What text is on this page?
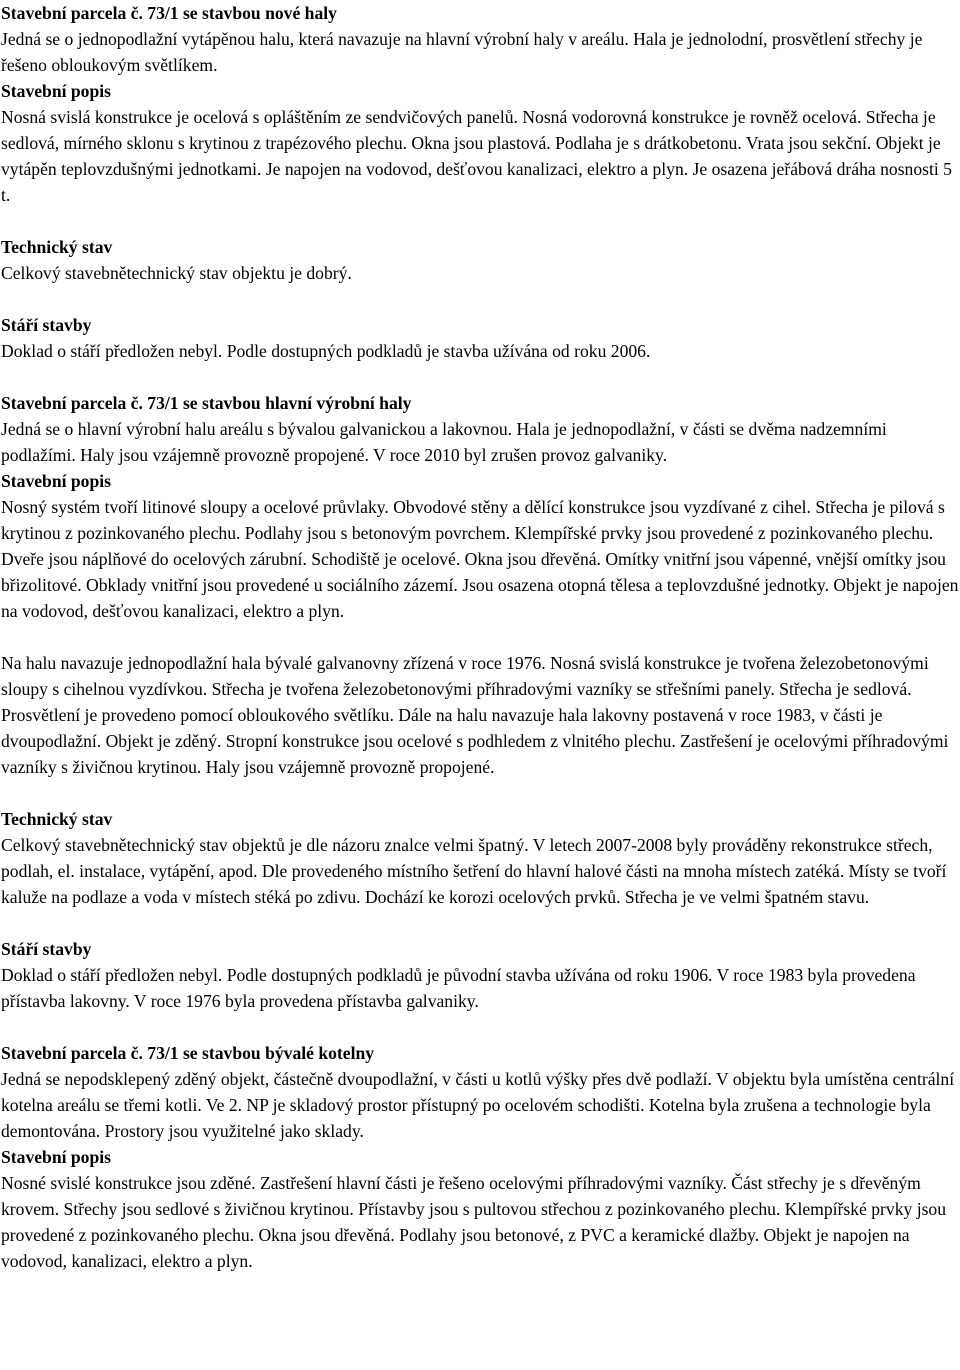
Stavební parcela č. 73/1 se stavbou nové haly

Jedná se o jednopodlažní vytápěnou halu, která navazuje na hlavní výrobní haly v areálu. Hala je jednolodní, prosvětlení střechy je řešeno obloukovým světlíkem.

Stavební popis

Nosná svislá konstrukce je ocelová s opláštěním ze sendvičových panelů. Nosná vodorovná konstrukce je rovněž ocelová. Střecha je sedlová, mírného sklonu s krytinou z trapézového plechu. Okna jsou plastová. Podlaha je s drátkobetonu. Vrata jsou sekční. Objekt je vytápěn teplovzdušnými jednotkami. Je napojen na vodovod, dešťovou kanalizaci, elektro a plyn. Je osazena jeřábová dráha nosnosti 5 t.

Technický stav

Celkový stavebnětechnický stav objektu je dobrý.

Stáří stavby

Doklad o stáří předložen nebyl. Podle dostupných podkladů je stavba užívána od roku 2006.

Stavební parcela č. 73/1 se stavbou hlavní výrobní haly

Jedná se o hlavní výrobní halu areálu s bývalou galvanickou a lakovnou. Hala je jednopodlažní, v části se dvěma nadzemními podlažími. Haly jsou vzájemně provozně propojené. V roce 2010 byl zrušen provoz galvaniky.

Stavební popis

Nosný systém tvoří litinové sloupy a ocelové průvlaky. Obvodové stěny a dělící konstrukce jsou vyzdívané z cihel. Střecha je pilová s krytinou z pozinkovaného plechu. Podlahy jsou s betonovým povrchem. Klempířské prvky jsou provedené z pozinkovaného plechu. Dveře jsou náplňové do ocelových zárubní. Schodiště je ocelové. Okna jsou dřevěná. Omítky vnitřní jsou vápenné, vnější omítky jsou břizolitové. Obklady vnitřní jsou provedené u sociálního zázemí. Jsou osazena otopná tělesa a teplovzdušné jednotky. Objekt je napojen na vodovod, dešťovou kanalizaci, elektro a plyn.

Na halu navazuje jednopodlažní hala bývalé galvanovny zřízená v roce 1976. Nosná svislá konstrukce je tvořena železobetonovými sloupy s cihelnou vyzdívkou. Střecha je tvořena železobetonovými příhradovými vazníky se střešními panely. Střecha je sedlová. Prosvětlení je provedeno pomocí obloukového světlíku. Dále na halu navazuje hala lakovny postavená v roce 1983, v části je dvoupodlažní. Objekt je zděný. Stropní konstrukce jsou ocelové s podhledem z vlnitého plechu. Zastřešení je ocelovými příhradovými vazníky s živičnou krytinou. Haly jsou vzájemně provozně propojené.

Technický stav

Celkový stavebnětechnický stav objektů je dle názoru znalce velmi špatný. V letech 2007-2008 byly prováděny rekonstrukce střech, podlah, el. instalace, vytápění, apod. Dle provedeného místního šetření do hlavní halové části na mnoha místech zatéká. Místy se tvoří kaluže na podlaze a voda v místech stéká po zdivu. Dochází ke korozi ocelových prvků. Střecha je ve velmi špatném stavu.

Stáří stavby

Doklad o stáří předložen nebyl. Podle dostupných podkladů je původní stavba užívána od roku 1906. V roce 1983 byla provedena přístavba lakovny. V roce 1976 byla provedena přístavba galvaniky.

Stavební parcela č. 73/1 se stavbou bývalé kotelny

Jedná se nepodsklepený zděný objekt, částečně dvoupodlažní, v části u kotlů výšky přes dvě podlaží. V objektu byla umístěna centrální kotelna areálu se třemi kotli. Ve 2. NP je skladový prostor přístupný po ocelovém schodišti. Kotelna byla zrušena a technologie byla demontována. Prostory jsou využitelné jako sklady.

Stavební popis

Nosné svislé konstrukce jsou zděné. Zastřešení hlavní části je řešeno ocelovými příhradovými vazníky. Část střechy je s dřevěným krovem. Střechy jsou sedlové s živičnou krytinou. Přístavby jsou s pultovou střechou z pozinkovaného plechu. Klempířské prvky jsou provedené z pozinkovaného plechu. Okna jsou dřevěná. Podlahy jsou betonové, z PVC a keramické dlažby. Objekt je napojen na vodovod, kanalizaci, elektro a plyn.
